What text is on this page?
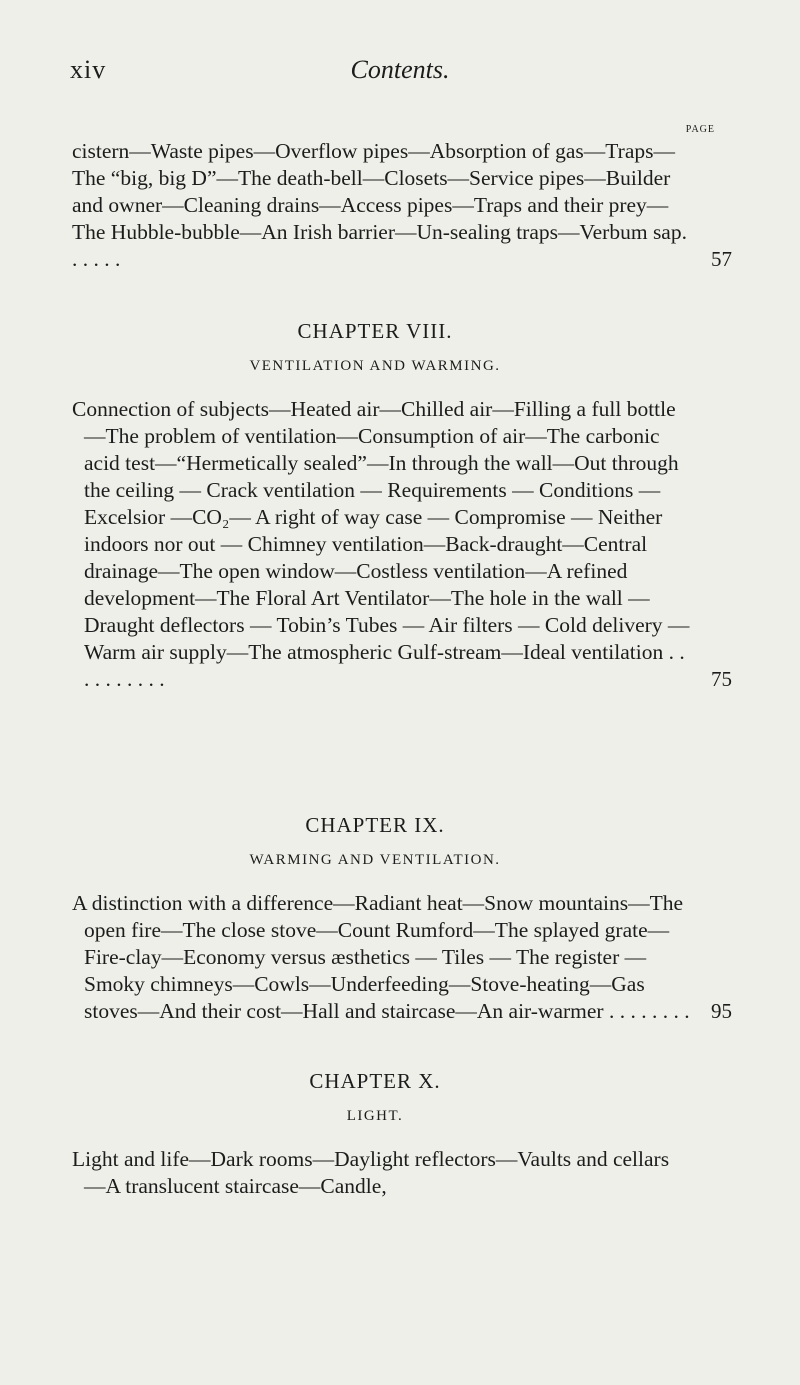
xiv	Contents.
PAGE

cistern—Waste pipes—Overflow pipes—Absorption of gas—Traps—The “big, big D”—The death-bell—Closets—Service pipes—Builder and owner—Cleaning drains—Access pipes—Traps and their prey—The Hubble-bubble—An Irish barrier—Un-sealing traps—Verbum sap. . . . . .	57

CHAPTER VIII.

VENTILATION AND WARMING.

Connection of subjects—Heated air—Chilled air—Filling a full bottle—The problem of ventilation—Consumption of air—The carbonic acid test—“Hermetically sealed”—In through the wall—Out through the ceiling — Crack ventilation — Requirements — Conditions — Excelsior —CO₂— A right of way case — Compromise — Neither indoors nor out — Chimney ventilation—Back-draught—Central drainage—The open window—Costless ventilation—A refined development—The Floral Art Ventilator—The hole in the wall — Draught deflectors — Tobin’s Tubes — Air filters — Cold delivery — Warm air supply—The atmospheric Gulf-stream—Ideal ventilation . . . . . . . . . .	75

CHAPTER IX.

WARMING AND VENTILATION.

A distinction with a difference—Radiant heat—Snow mountains—The open fire—The close stove—Count Rumford—The splayed grate—Fire-clay—Economy versus æsthetics — Tiles — The register — Smoky chimneys—Cowls—Underfeeding—Stove-heating—Gas stoves—And their cost—Hall and staircase—An air-warmer . . . . . . . . 95

CHAPTER X.

LIGHT.

Light and life—Dark rooms—Daylight reflectors—Vaults and cellars—A translucent staircase—Candle,
